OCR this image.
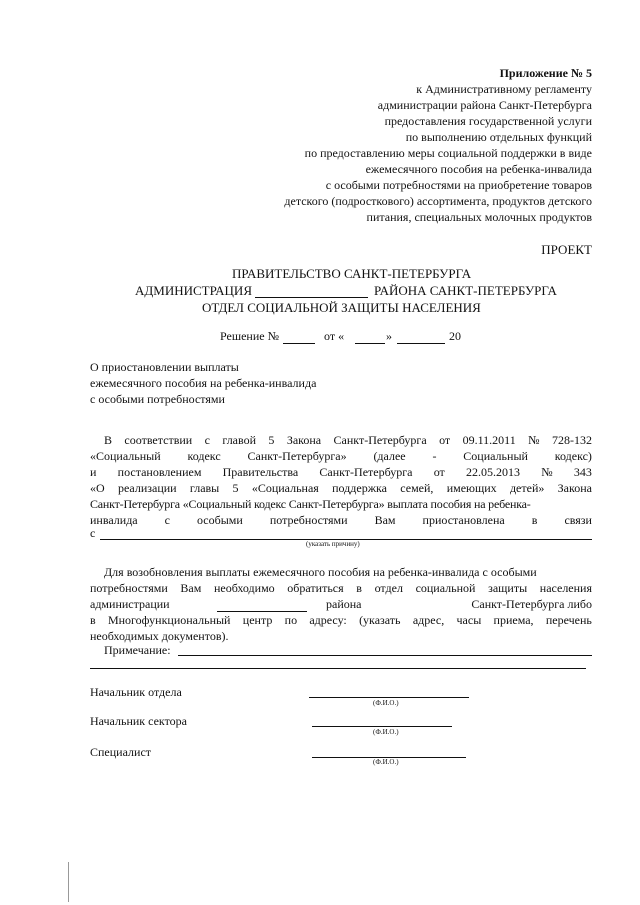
Приложение № 5
к Административному регламенту
администрации района Санкт-Петербурга
предоставления государственной услуги
по выполнению отдельных функций
по предоставлению меры социальной поддержки в виде
ежемесячного пособия на ребенка-инвалида
с особыми потребностями на приобретение товаров
детского (подросткового) ассортимента, продуктов детского
питания, специальных молочных продуктов
ПРОЕКТ
ПРАВИТЕЛЬСТВО САНКТ-ПЕТЕРБУРГА
АДМИНИСТРАЦИЯ	РАЙОНА САНКТ-ПЕТЕРБУРГА
ОТДЕЛ СОЦИАЛЬНОЙ ЗАЩИТЫ НАСЕЛЕНИЯ
Решение №	от «	»	20
О приостановлении выплаты
ежемесячного пособия на ребенка-инвалида
с особыми потребностями
В соответствии с главой 5 Закона Санкт-Петербурга от 09.11.2011 № 728-132
«Социальный кодекс Санкт-Петербурга» (далее - Социальный кодекс)
и постановлением Правительства Санкт-Петербурга от 22.05.2013 № 343
«О реализации главы 5 «Социальная поддержка семей, имеющих детей» Закона
Санкт-Петербурга «Социальный кодекс Санкт-Петербурга» выплата пособия на ребенка-
инвалида с особыми потребностями Вам приостановлена в связи
с
(указать причину)
Для возобновления выплаты ежемесячного пособия на ребенка-инвалида с особыми
потребностями Вам необходимо обратиться в отдел социальной защиты населения
администрации	района	Санкт-Петербурга либо
в Многофункциональный центр по адресу: (указать адрес, часы приема, перечень
необходимых документов).
Примечание:
Начальник отдела
(Ф.И.О.)
Начальник сектора
(Ф.И.О.)
Специалист
(Ф.И.О.)
